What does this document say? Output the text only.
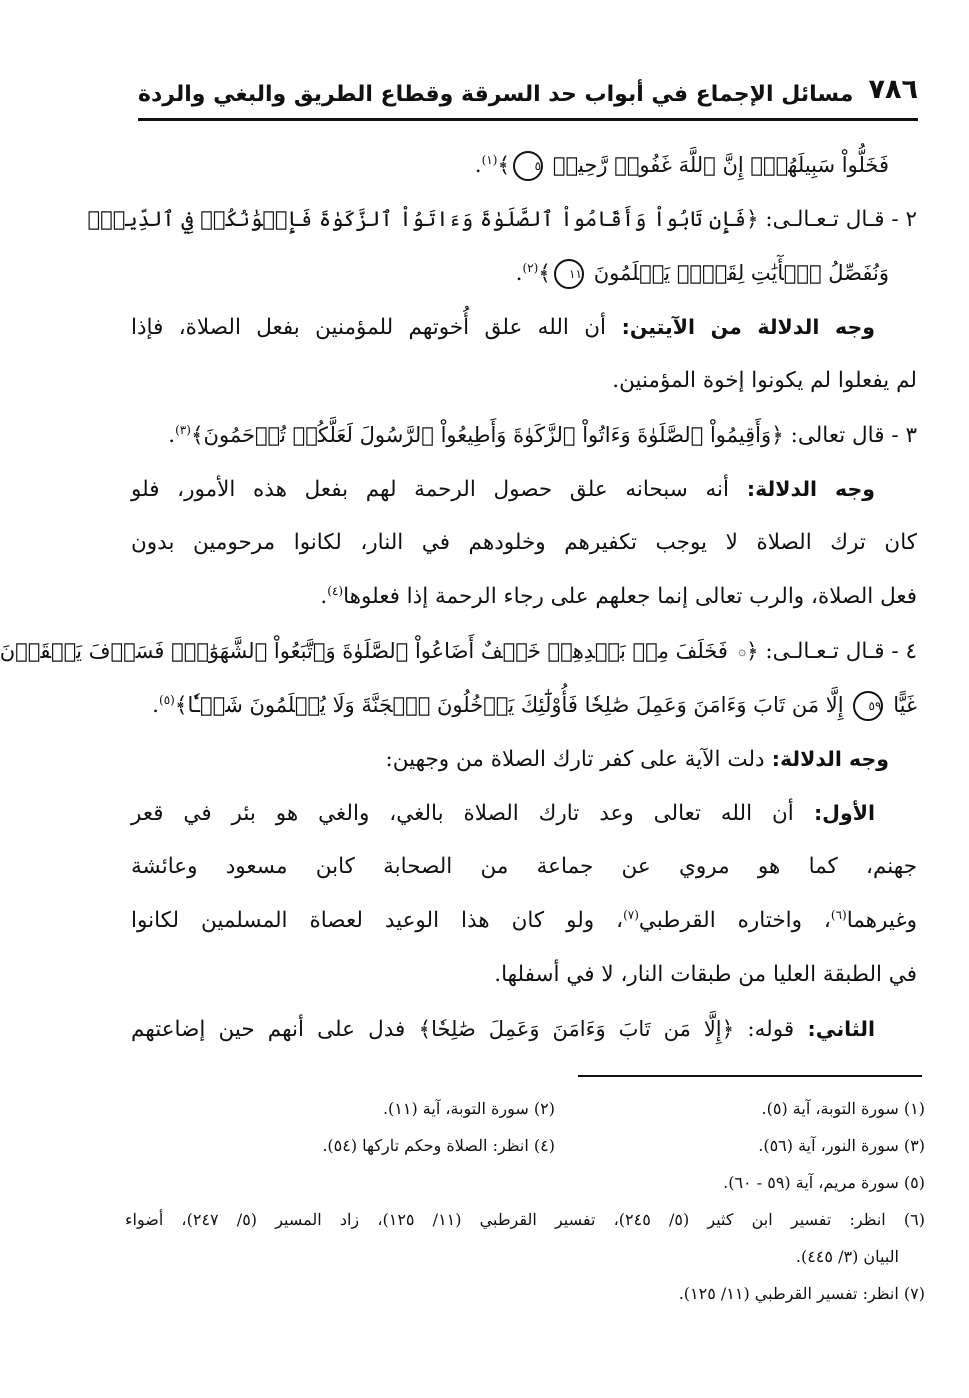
٧٨٦
مسائل الإجماع في أبواب حد السرقة وقطاع الطريق والبغي والردة
فَخَلُّواْ سَبِيلَهُمْۚ إِنَّ ٱللَّهَ غَفُورٞ رَّحِيمٞ ٥﴾$^{(١)}$.
٢ - قـال تـعـالـى: ﴿فَإِن تَابُواْ وَأَقَامُواْ ٱلصَّلَوٰةَ وَءَاتَوُاْ ٱلزَّكَوٰةَ فَإِخۡوَٰنُكُمۡ فِي ٱلدِّينِۗ
وَنُفَصِّلُ ٱلۡأٓيَٰتِ لِقَوۡمٖ يَعۡلَمُونَ ١١﴾$^{(٢)}$.
وجه الدلالة من الآيتين: أن الله علق أُخوتهم للمؤمنين بفعل الصلاة، فإذا
لم يفعلوا لم يكونوا إخوة المؤمنين.
٣ - قال تعالى: ﴿وَأَقِيمُواْ ٱلصَّلَوٰةَ وَءَاتُواْ ٱلزَّكَوٰةَ وَأَطِيعُواْ ٱلرَّسُولَ لَعَلَّكُمۡ تُرۡحَمُونَ﴾$^{(٣)}$.
وجه الدلالة: أنه سبحانه علق حصول الرحمة لهم بفعل هذه الأمور، فلو
كان ترك الصلاة لا يوجب تكفيرهم وخلودهم في النار، لكانوا مرحومين بدون
فعل الصلاة، والرب تعالى إنما جعلهم على رجاء الرحمة إذا فعلوها$^{(٤)}$.
٤ - قـال تـعـالـى: ﴿۞فَخَلَفَ مِنۢ بَعۡدِهِمۡ خَلۡفٌ أَضَاعُواْ ٱلصَّلَوٰةَ وَٱتَّبَعُواْ ٱلشَّهَوَٰتِۖ فَسَوۡفَ يَلۡقَوۡنَ
غَيًّا ٥٩ إِلَّا مَن تَابَ وَءَامَنَ وَعَمِلَ صَٰلِحٗا فَأُوْلَٰٓئِكَ يَدۡخُلُونَ ٱلۡجَنَّةَ وَلَا يُظۡلَمُونَ شَيۡـٔٗا﴾$^{(٥)}$.
وجه الدلالة: دلت الآية على كفر تارك الصلاة من وجهين:
الأول: أن الله تعالى وعد تارك الصلاة بالغي، والغي هو بئر في قعر
جهنم، كما هو مروي عن جماعة من الصحابة كابن مسعود وعائشة
وغيرهما$^{(٦)}$، واختاره القرطبي$^{(٧)}$، ولو كان هذا الوعيد لعصاة المسلمين لكانوا
في الطبقة العليا من طبقات النار، لا في أسفلها.
الثاني: قوله: ﴿إِلَّا مَن تَابَ وَءَامَنَ وَعَمِلَ صَٰلِحٗا﴾ فدل على أنهم حين إضاعتهم
(١) سورة التوبة، آية (٥).
(٢) سورة التوبة، آية (١١).
(٣) سورة النور، آية (٥٦).
(٤) انظر: الصلاة وحكم تاركها (٥٤).
(٥) سورة مريم، آية (٥٩ - ٦٠).
(٦) انظر: تفسير ابن كثير (٥/ ٢٤٥)، تفسير القرطبي (١١/ ١٢٥)، زاد المسير (٥/ ٢٤٧)، أضواء
البيان (٣/ ٤٤٥).
(٧) انظر: تفسير القرطبي (١١/ ١٢٥).
